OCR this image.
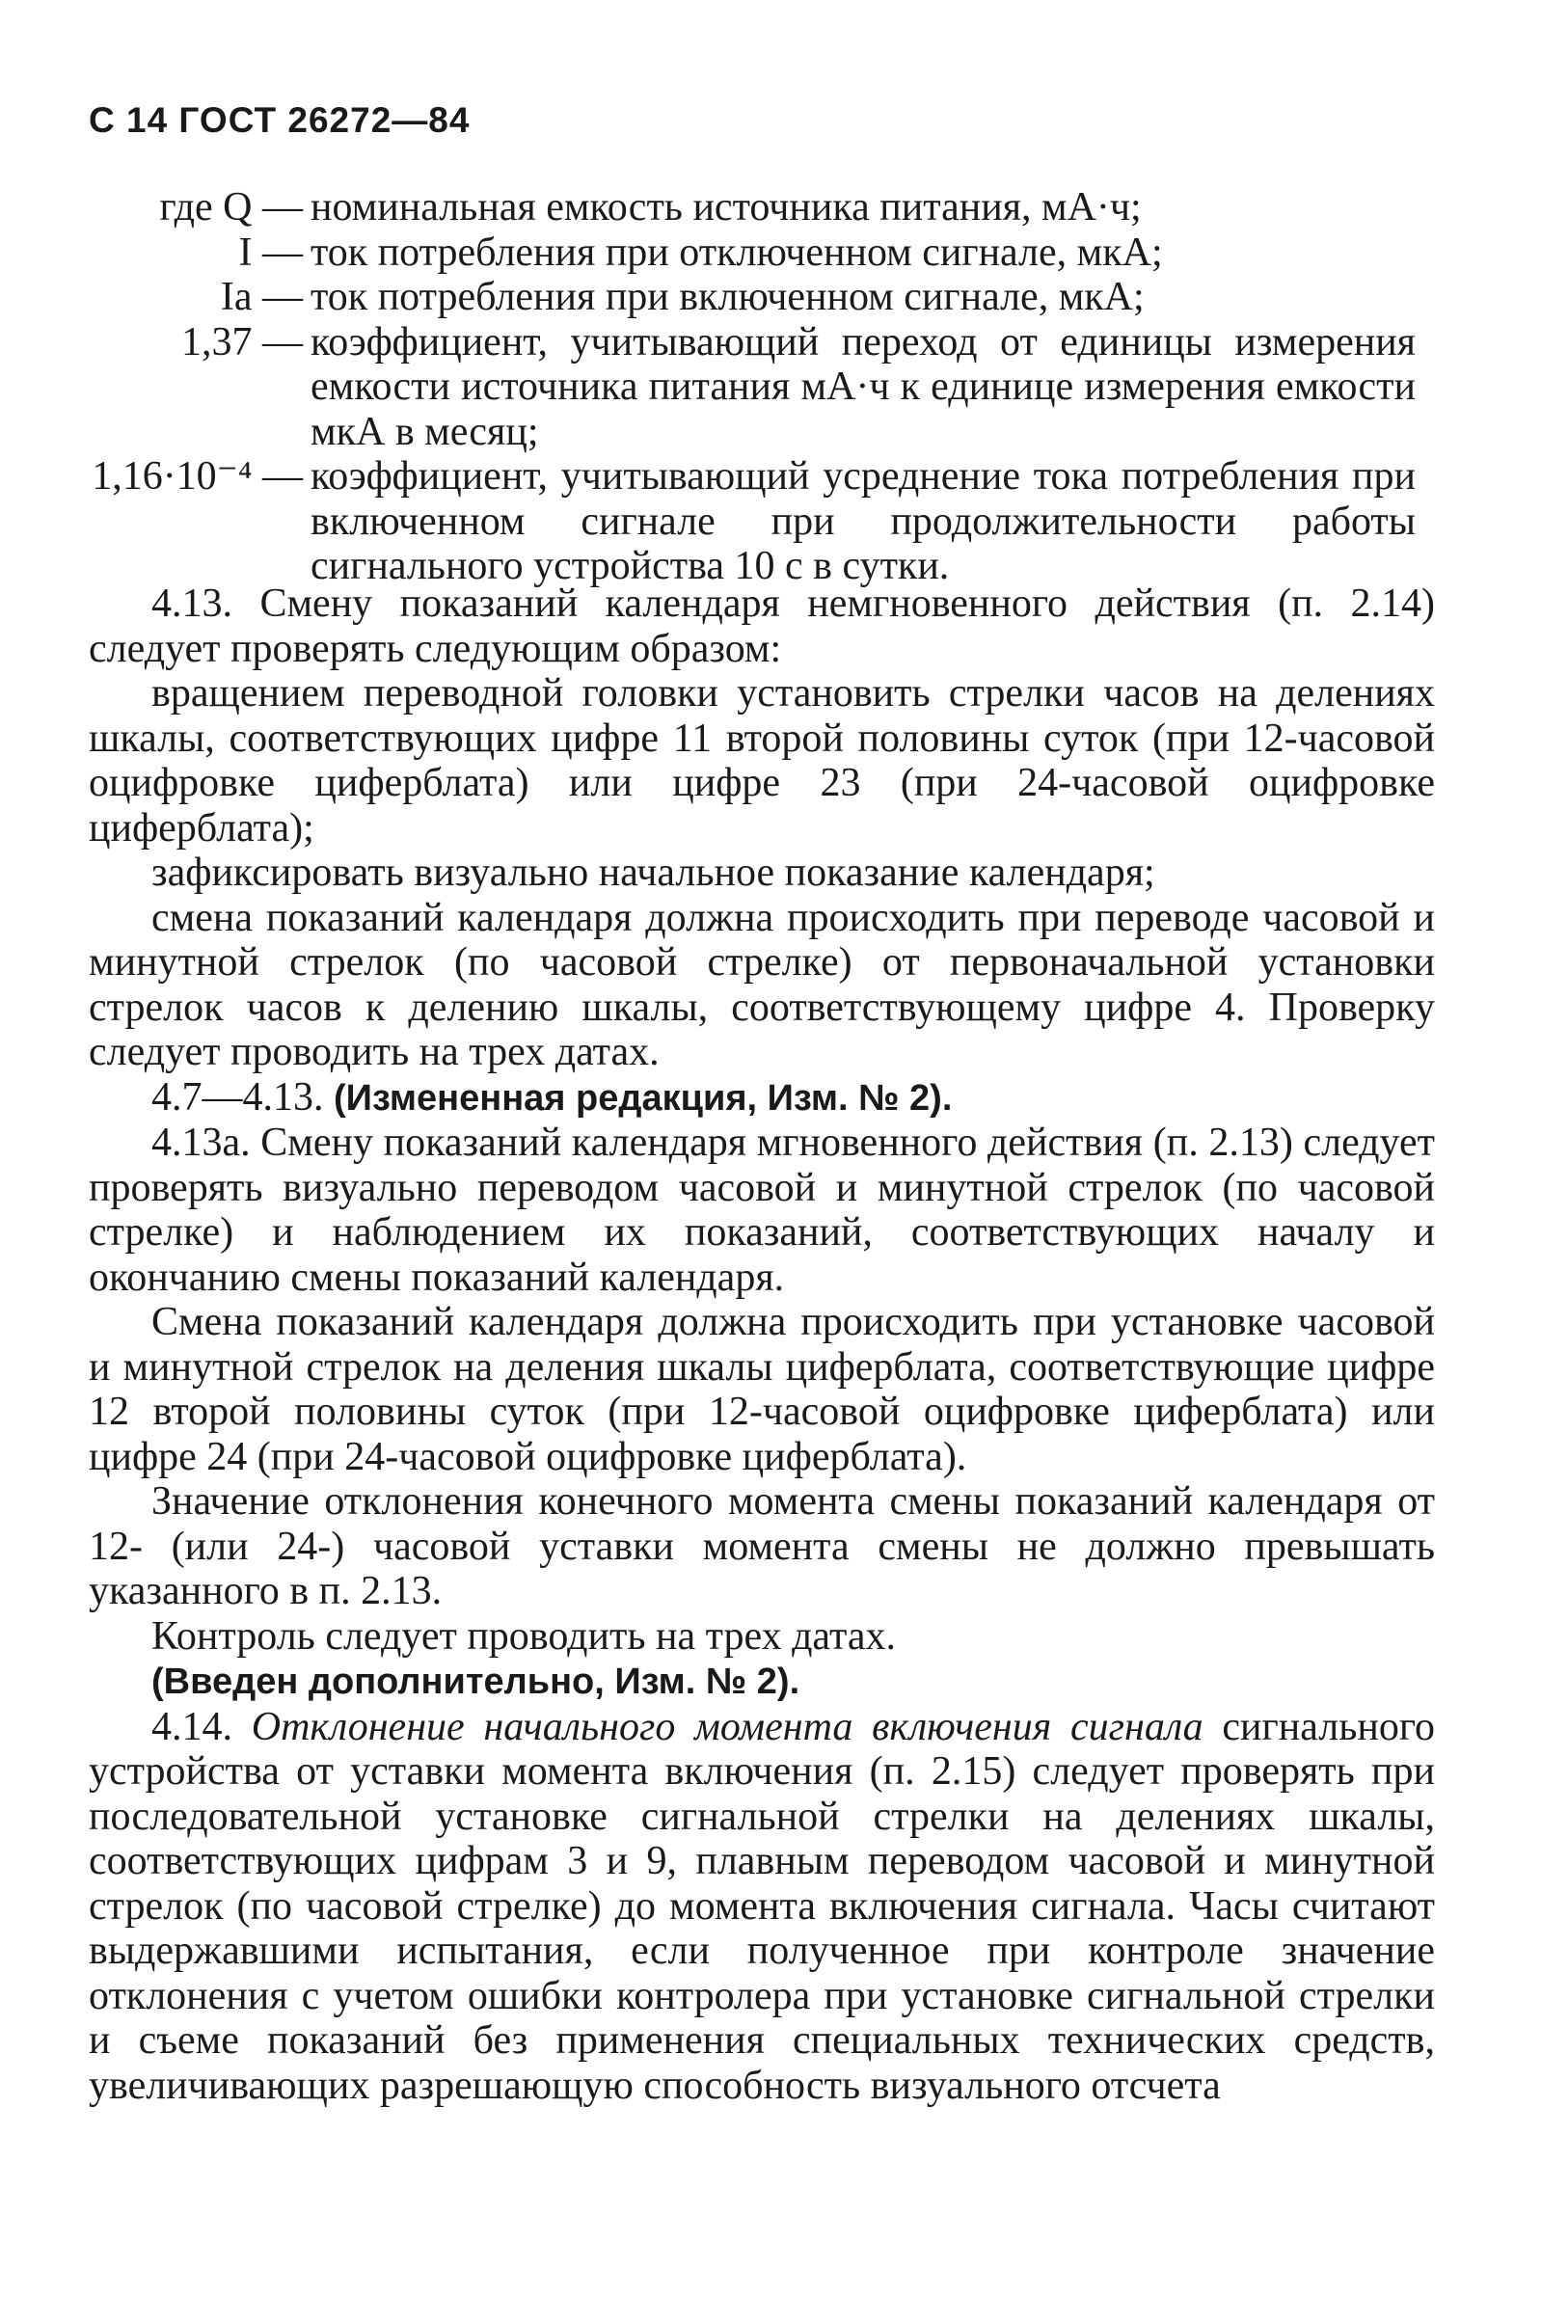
С 14 ГОСТ 26272—84
где Q — номинальная емкость источника питания, мА·ч;
I — ток потребления при отключенном сигнале, мкА;
Iа — ток потребления при включенном сигнале, мкА;
1,37 — коэффициент, учитывающий переход от единицы измерения емкости источника питания мА·ч к единице измерения емкости мкА в месяц;
1,16·10⁻⁴ — коэффициент, учитывающий усреднение тока потребления при включенном сигнале при продолжительности работы сигнального устройства 10 с в сутки.

4.13. Смену показаний календаря немгновенного действия (п. 2.14) следует проверять следующим образом:

вращением переводной головки установить стрелки часов на делениях шкалы, соответствующих цифре 11 второй половины суток (при 12-часовой оцифровке циферблата) или цифре 23 (при 24-часовой оцифровке циферблата);

зафиксировать визуально начальное показание календаря;

смена показаний календаря должна происходить при переводе часовой и минутной стрелок (по часовой стрелке) от первоначальной установки стрелок часов к делению шкалы, соответствующему цифре 4. Проверку следует проводить на трех датах.

4.7—4.13. (Измененная редакция, Изм. № 2).

4.13а. Смену показаний календаря мгновенного действия (п. 2.13) следует проверять визуально переводом часовой и минутной стрелок (по часовой стрелке) и наблюдением их показаний, соответствующих началу и окончанию смены показаний календаря.

Смена показаний календаря должна происходить при установке часовой и минутной стрелок на деления шкалы циферблата, соответствующие цифре 12 второй половины суток (при 12-часовой оцифровке циферблата) или цифре 24 (при 24-часовой оцифровке циферблата).

Значение отклонения конечного момента смены показаний календаря от 12- (или 24-) часовой уставки момента смены не должно превышать указанного в п. 2.13.

Контроль следует проводить на трех датах.

(Введен дополнительно, Изм. № 2).

4.14. Отклонение начального момента включения сигнала сигнального устройства от уставки момента включения (п. 2.15) следует проверять при последовательной установке сигнальной стрелки на делениях шкалы, соответствующих цифрам 3 и 9, плавным переводом часовой и минутной стрелок (по часовой стрелке) до момента включения сигнала. Часы считают выдержавшими испытания, если полученное при контроле значение отклонения с учетом ошибки контролера при установке сигнальной стрелки и съеме показаний без применения специальных технических средств, увеличивающих разрешающую способность визуального отсчета
